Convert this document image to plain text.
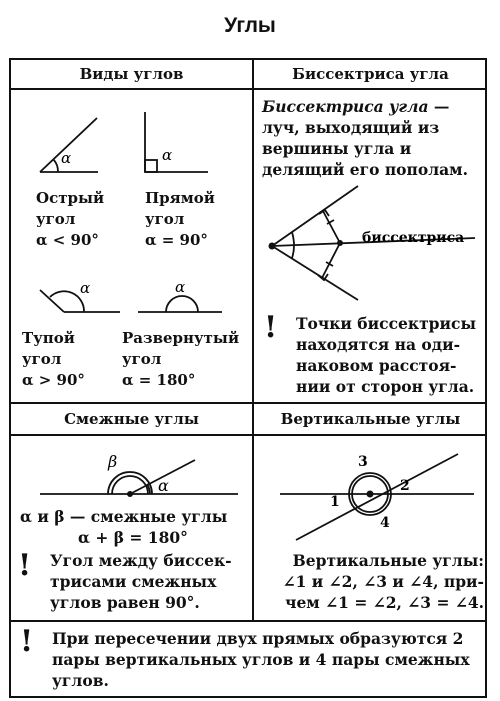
Углы
Виды углов	Биссектриса угла
Смежные углы	Вертикальные углы
α	α
α	α
биссектриса
α
β
1
2
3
4
Острый
угол
α < 90°
Прямой
угол
α = 90°
Тупой
угол
α > 90°
Развернутый
угол
α = 180°
Биссектриса угла —
луч, выходящий из
вершины угла и
делящий его пополам.
! Точки биссектрисы
находятся на оди-
наковом расстоя-
нии от сторон угла.
α и β — смежные углы
α + β = 180°
! Угол между биссек-
трисами смежных
углов равен 90°.
Вертикальные углы:
∠1 и ∠2, ∠3 и ∠4, при-
чем ∠1 = ∠2, ∠3 = ∠4.
! При пересечении двух прямых образуются 2
пары вертикальных углов и 4 пары смежных
углов.
